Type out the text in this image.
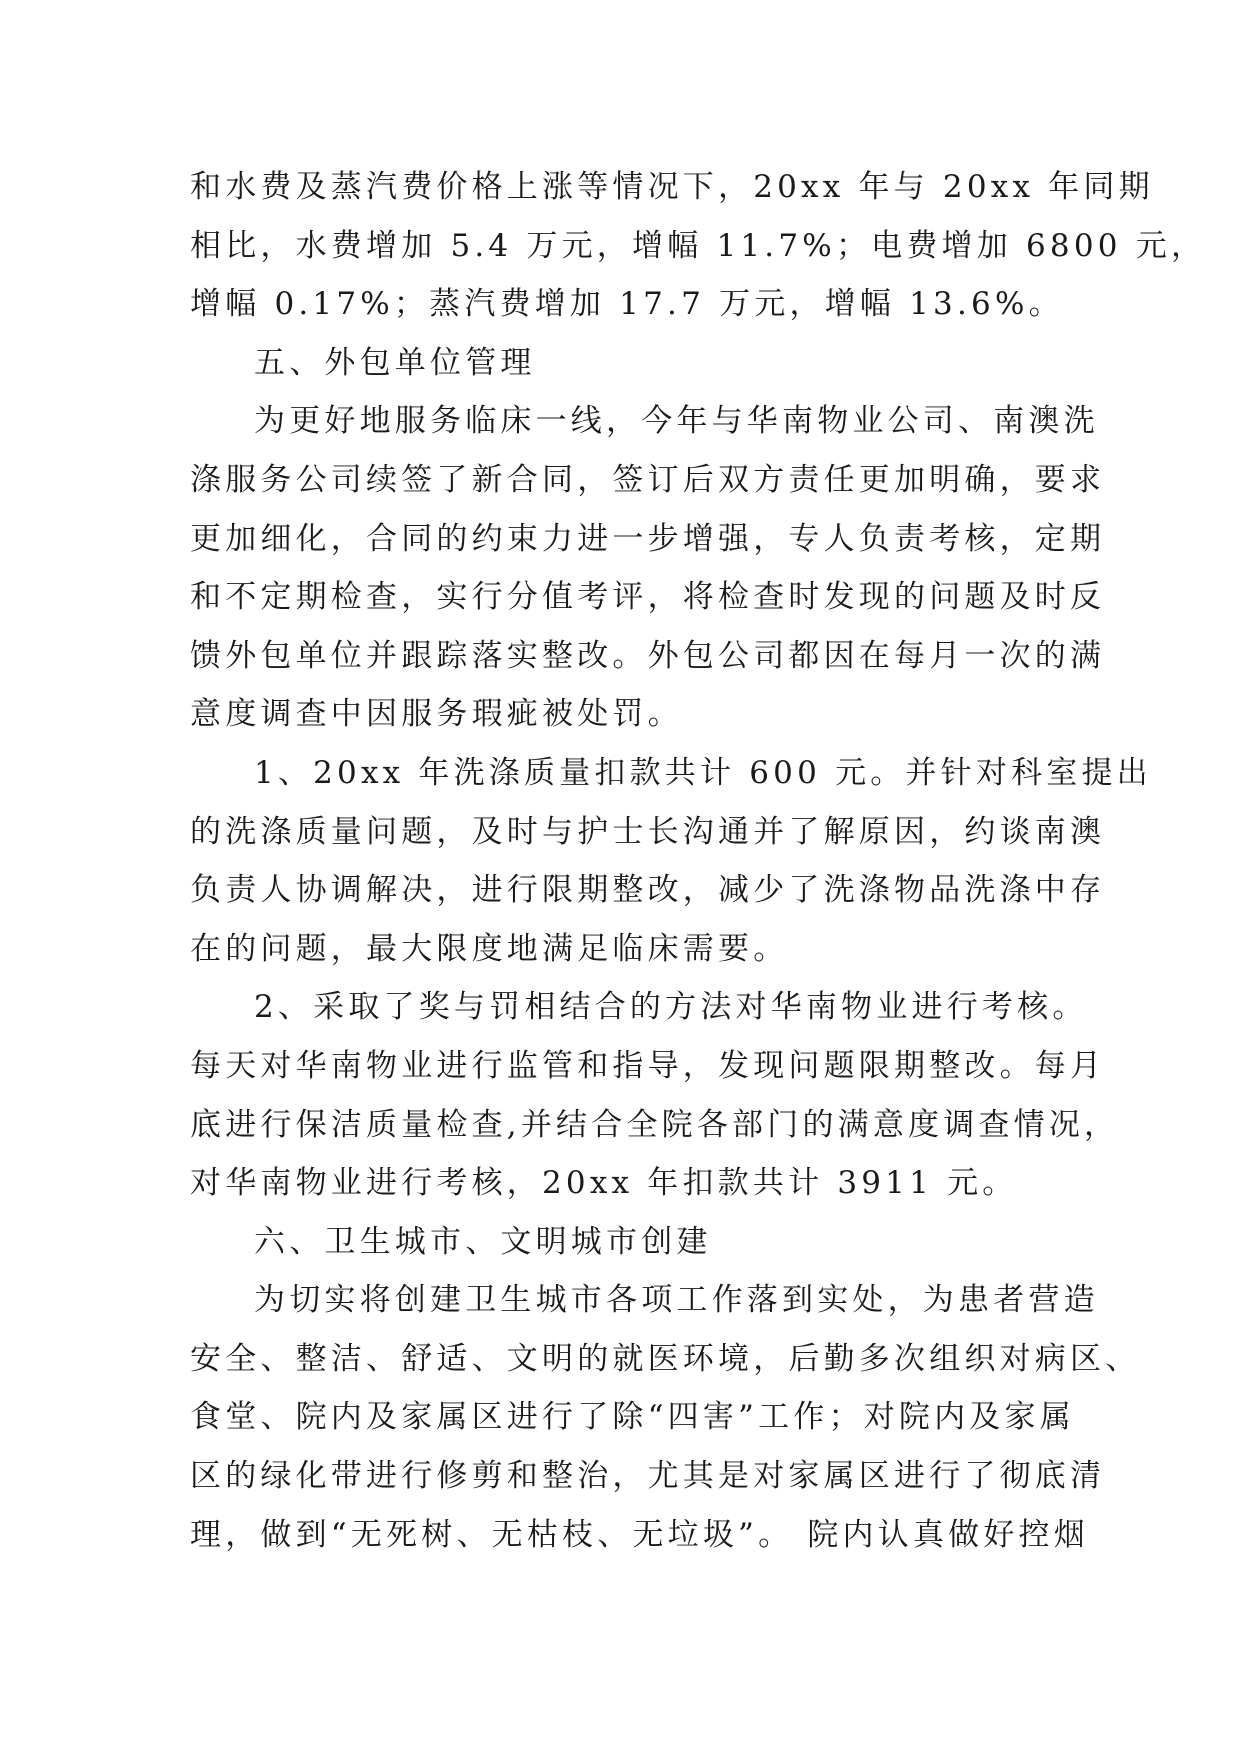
和水费及蒸汽费价格上涨等情况下，20xx 年与 20xx 年同期
相比，水费增加 5.4 万元，增幅 11.7%；电费增加 6800 元，
增幅 0.17%；蒸汽费增加 17.7 万元，增幅 13.6%。
五、外包单位管理
为更好地服务临床一线，今年与华南物业公司、南澳洗
涤服务公司续签了新合同，签订后双方责任更加明确，要求
更加细化，合同的约束力进一步增强，专人负责考核，定期
和不定期检查，实行分值考评，将检查时发现的问题及时反
馈外包单位并跟踪落实整改。外包公司都因在每月一次的满
意度调查中因服务瑕疵被处罚。
1、20xx 年洗涤质量扣款共计 600 元。并针对科室提出
的洗涤质量问题，及时与护士长沟通并了解原因，约谈南澳
负责人协调解决，进行限期整改，减少了洗涤物品洗涤中存
在的问题，最大限度地满足临床需要。
2、采取了奖与罚相结合的方法对华南物业进行考核。
每天对华南物业进行监管和指导，发现问题限期整改。每月
底进行保洁质量检查,并结合全院各部门的满意度调查情况，
对华南物业进行考核，20xx 年扣款共计 3911 元。
六、卫生城市、文明城市创建
为切实将创建卫生城市各项工作落到实处，为患者营造
安全、整洁、舒适、文明的就医环境，后勤多次组织对病区、
食堂、院内及家属区进行了除“四害”工作；对院内及家属
区的绿化带进行修剪和整治，尤其是对家属区进行了彻底清
理，做到“无死树、无枯枝、无垃圾”。 院内认真做好控烟
